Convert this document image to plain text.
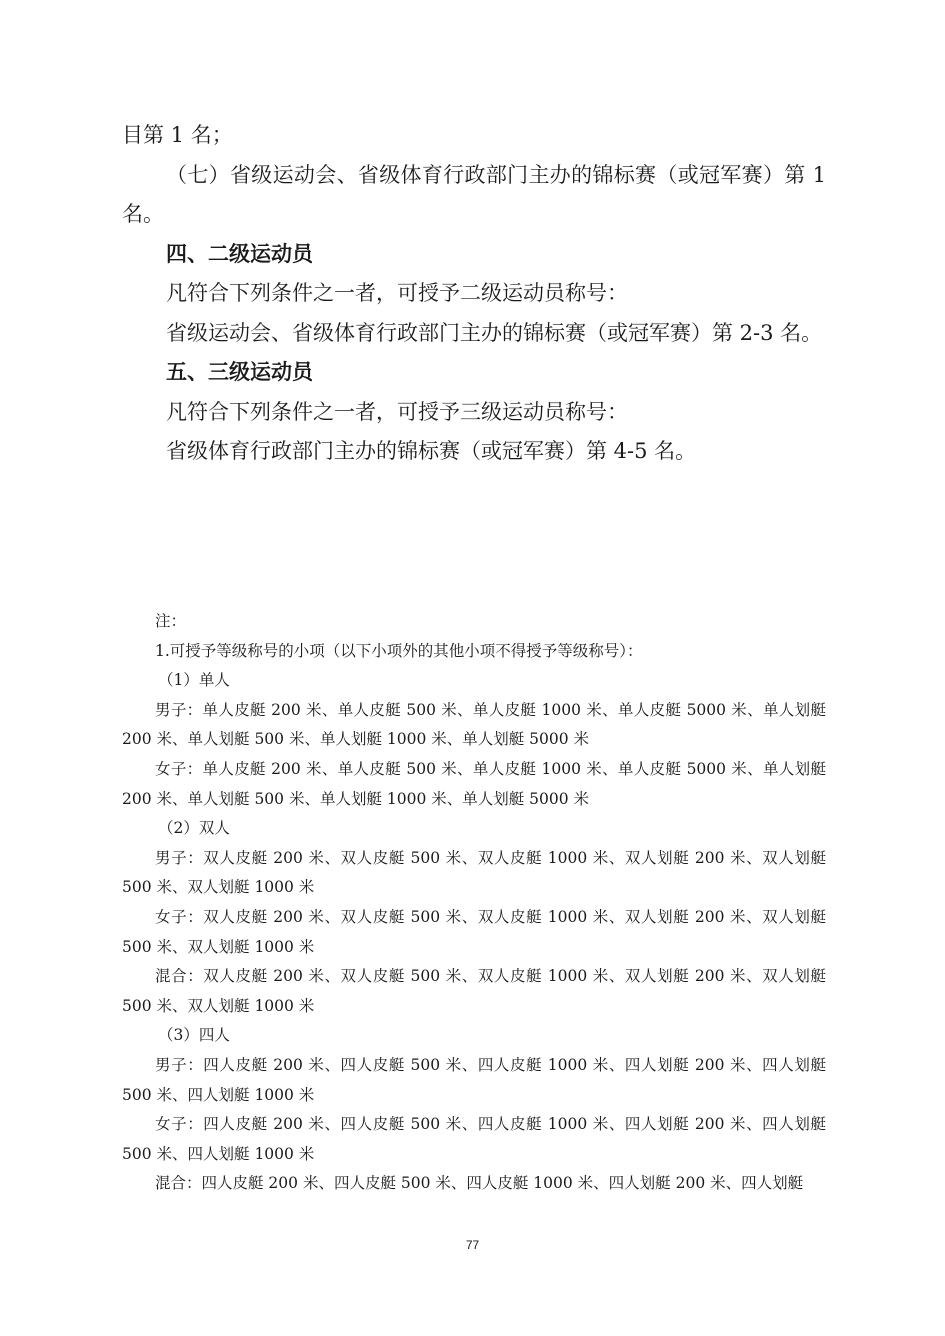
目第 1 名；

（七）省级运动会、省级体育行政部门主办的锦标赛（或冠军赛）第 1 名。

四、二级运动员

凡符合下列条件之一者，可授予二级运动员称号：

省级运动会、省级体育行政部门主办的锦标赛（或冠军赛）第 2-3 名。

五、三级运动员

凡符合下列条件之一者，可授予三级运动员称号：

省级体育行政部门主办的锦标赛（或冠军赛）第 4-5 名。

注：

1.可授予等级称号的小项（以下小项外的其他小项不得授予等级称号）：

（1）单人

男子：单人皮艇 200 米、单人皮艇 500 米、单人皮艇 1000 米、单人皮艇 5000 米、单人划艇 200 米、单人划艇 500 米、单人划艇 1000 米、单人划艇 5000 米

女子：单人皮艇 200 米、单人皮艇 500 米、单人皮艇 1000 米、单人皮艇 5000 米、单人划艇 200 米、单人划艇 500 米、单人划艇 1000 米、单人划艇 5000 米

（2）双人

男子：双人皮艇 200 米、双人皮艇 500 米、双人皮艇 1000 米、双人划艇 200 米、双人划艇 500 米、双人划艇 1000 米

女子：双人皮艇 200 米、双人皮艇 500 米、双人皮艇 1000 米、双人划艇 200 米、双人划艇 500 米、双人划艇 1000 米

混合：双人皮艇 200 米、双人皮艇 500 米、双人皮艇 1000 米、双人划艇 200 米、双人划艇 500 米、双人划艇 1000 米

（3）四人

男子：四人皮艇 200 米、四人皮艇 500 米、四人皮艇 1000 米、四人划艇 200 米、四人划艇 500 米、四人划艇 1000 米

女子：四人皮艇 200 米、四人皮艇 500 米、四人皮艇 1000 米、四人划艇 200 米、四人划艇 500 米、四人划艇 1000 米

混合：四人皮艇 200 米、四人皮艇 500 米、四人皮艇 1000 米、四人划艇 200 米、四人划艇

77
